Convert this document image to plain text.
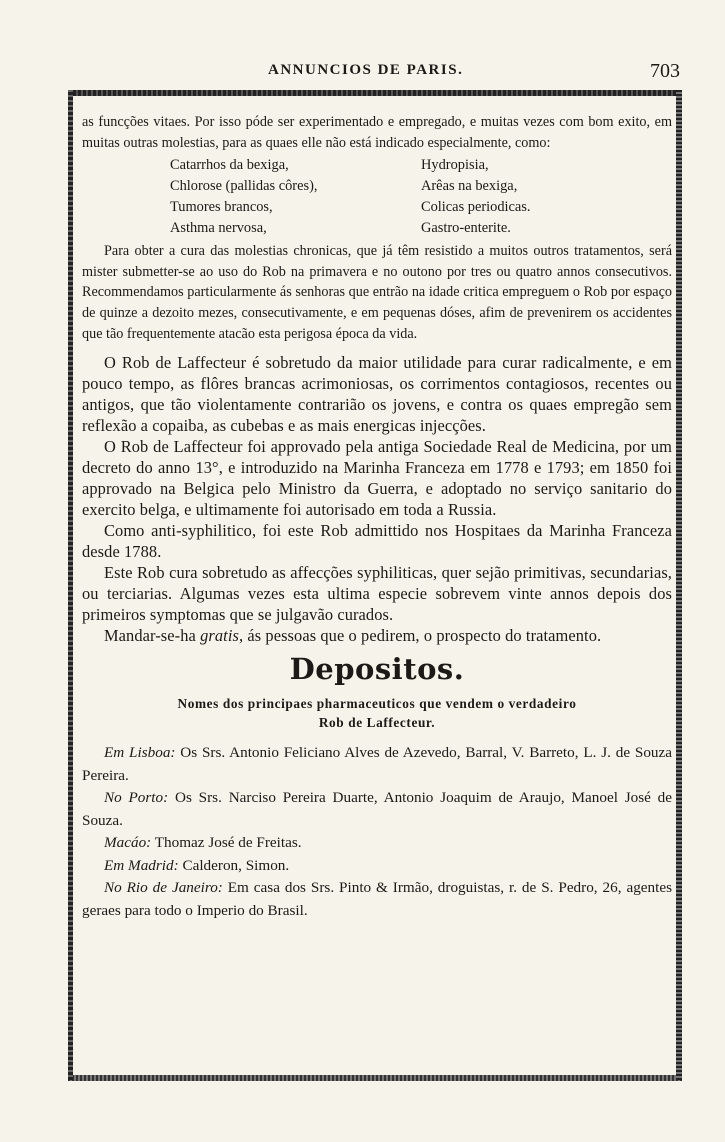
ANNUNCIOS DE PARIS.	703

as funcções vitaes. Por isso póde ser experimentado e empregado, e muitas vezes com bom exito, em muitas outras molestias, para as quaes elle não está indicado especialmente, como:

Catarrhos da bexiga,
Chlorose (pallidas côres),
Tumores brancos,
Asthma nervosa,
Hydropisia,
Arêas na bexiga,
Colicas periodicas.
Gastro-enterite.

Para obter a cura das molestias chronicas, que já têm resistido a muitos outros tratamentos, será mister submetter-se ao uso do Rob na primavera e no outono por tres ou quatro annos consecutivos. Recommendamos particularmente ás senhoras que entrão na idade critica empreguem o Rob por espaço de quinze a dezoito mezes, consecutivamente, e em pequenas dóses, afim de prevenirem os accidentes que tão frequentemente atacão esta perigosa época da vida.

O Rob de Laffecteur é sobretudo da maior utilidade para curar radicalmente, e em pouco tempo, as flôres brancas acrimoniosas, os corrimentos contagiosos, recentes ou antigos, que tão violentamente contrarião os jovens, e contra os quaes empregão sem reflexão a copaiba, as cubebas e as mais energicas injecções.

O Rob de Laffecteur foi approvado pela antiga Sociedade Real de Medicina, por um decreto do anno 13°, e introduzido na Marinha Franceza em 1778 e 1793; em 1850 foi approvado na Belgica pelo Ministro da Guerra, e adoptado no serviço sanitario do exercito belga, e ultimamente foi autorisado em toda a Russia.

Como anti-syphilitico, foi este Rob admittido nos Hospitaes da Marinha Franceza desde 1788.

Este Rob cura sobretudo as affecções syphiliticas, quer sejão primitivas, secundarias, ou terciarias. Algumas vezes esta ultima especie sobrevem vinte annos depois dos primeiros symptomas que se julgavão curados.

Mandar-se-ha gratis, ás pessoas que o pedirem, o prospecto do tratamento.

Depositos.
Nomes dos principaes pharmaceuticos que vendem o verdadeiro
Rob de Laffecteur.

Em Lisboa: Os Srs. Antonio Feliciano Alves de Azevedo, Barral, V. Barreto, L. J. de Souza Pereira.

No Porto: Os Srs. Narciso Pereira Duarte, Antonio Joaquim de Araujo, Manoel José de Souza.

Macáo: Thomaz José de Freitas.

Em Madrid: Calderon, Simon.

No Rio de Janeiro: Em casa dos Srs. Pinto & Irmão, droguistas, r. de S. Pedro, 26, agentes geraes para todo o Imperio do Brasil.
